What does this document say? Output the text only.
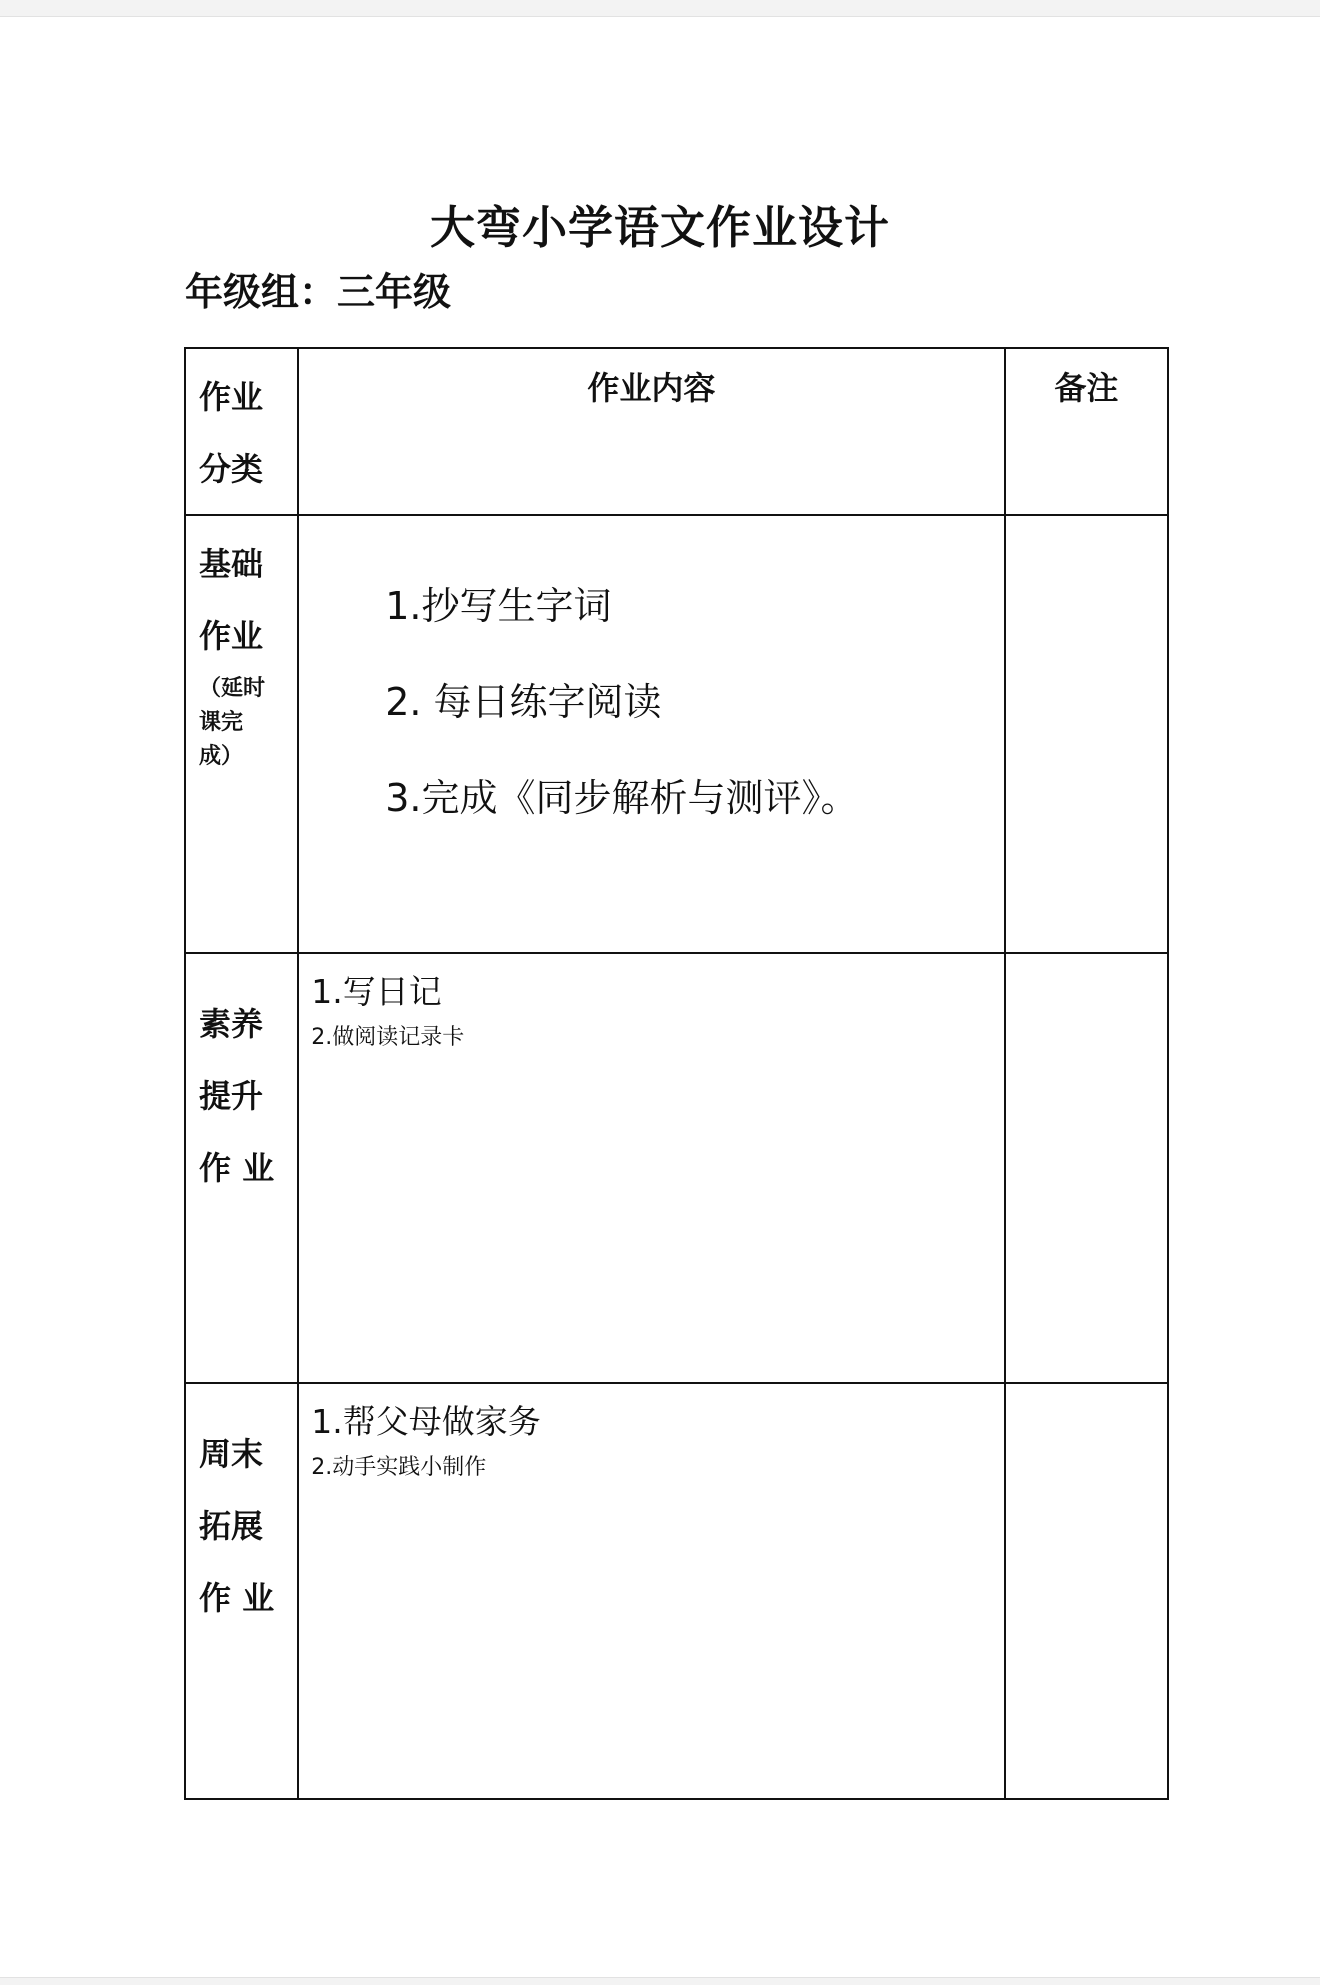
大弯小学语文作业设计
年级组：三年级
作业
分类	作业内容	备注

基础
作业
（延时
课完
成）	1.抄写生字词
2. 每日练字阅读
3.完成《同步解析与测评》。	

素养
提升
作 业	1.写日记
2.做阅读记录卡	

周末
拓展
作 业	1.帮父母做家务
2.动手实践小制作	
